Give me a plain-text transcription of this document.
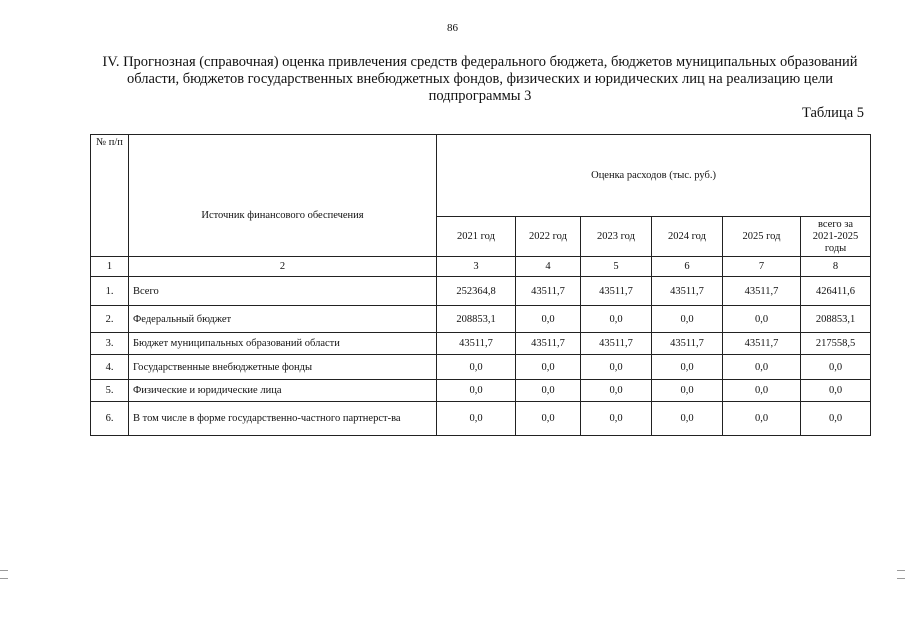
86
IV. Прогнозная (справочная) оценка привлечения средств федерального бюджета, бюджетов муниципальных образований области, бюджетов государственных внебюджетных фондов, физических и юридических лиц на реализацию цели подпрограммы 3
Таблица 5
№ п/п	Источник финансового обеспечения	Оценка расходов (тыс. руб.)					
		2021 год	2022 год	2023 год	2024 год	2025 год	всего за 2021-2025 годы
1	2	3	4	5	6	7	8
1.	Всего	252364,8	43511,7	43511,7	43511,7	43511,7	426411,6
2.	Федеральный бюджет	208853,1	0,0	0,0	0,0	0,0	208853,1
3.	Бюджет муниципальных образований области	43511,7	43511,7	43511,7	43511,7	43511,7	217558,5
4.	Государственные внебюджетные фонды	0,0	0,0	0,0	0,0	0,0	0,0
5.	Физические и юридические лица	0,0	0,0	0,0	0,0	0,0	0,0
6.	В том числе в форме государственно-частного партнерст-ва	0,0	0,0	0,0	0,0	0,0	0,0
